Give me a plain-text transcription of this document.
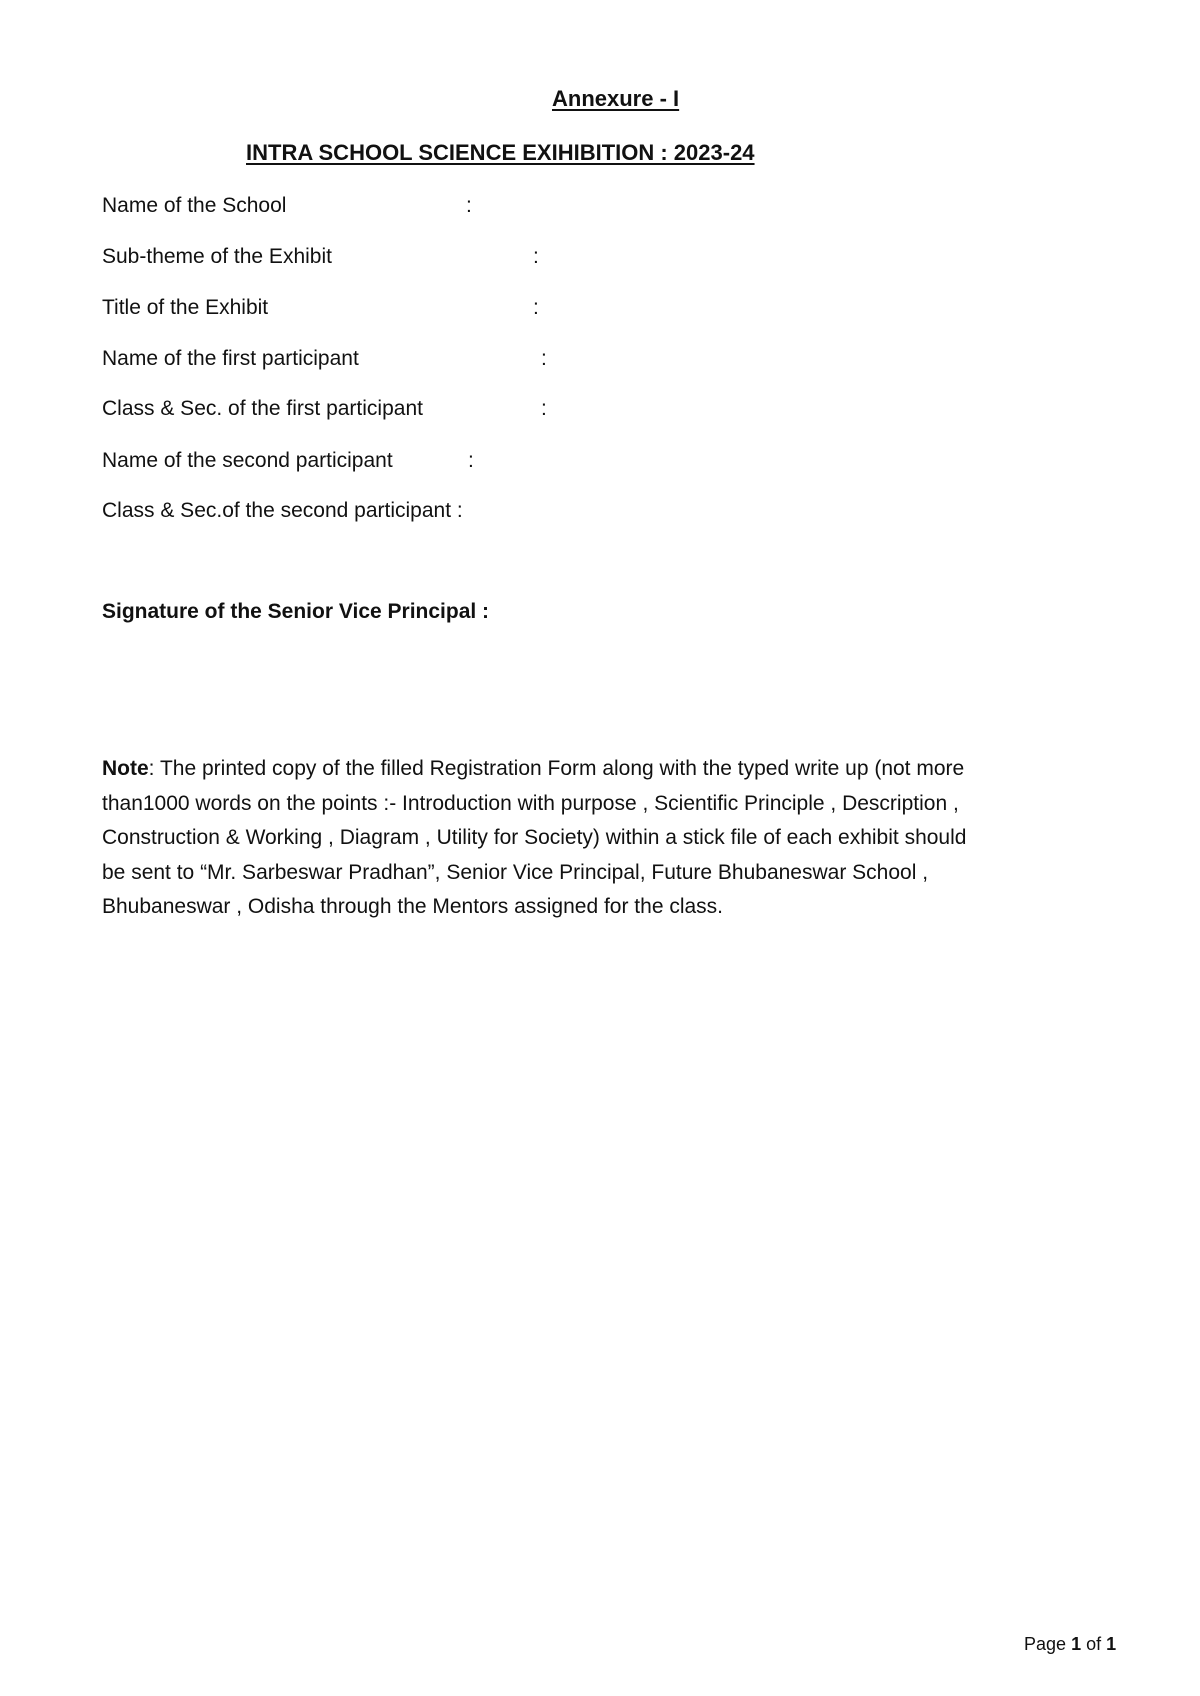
Annexure - I
INTRA SCHOOL SCIENCE EXIHIBITION : 2023-24
Name of the School	:
Sub-theme of the Exhibit	:
Title of the Exhibit	:
Name of the first participant	:
Class & Sec. of the first participant	:
Name of the second participant	:
Class & Sec.of the second participant :
Signature of the Senior Vice Principal :
Note: The printed copy of the filled Registration Form along with the typed write up (not more
than1000 words on the points :- Introduction with purpose , Scientific Principle , Description ,
Construction & Working , Diagram , Utility for Society) within a stick file of each exhibit should
be sent to “Mr. Sarbeswar Pradhan”, Senior Vice Principal, Future Bhubaneswar School ,
Bhubaneswar , Odisha through the Mentors assigned for the class.
Page 1 of 1
